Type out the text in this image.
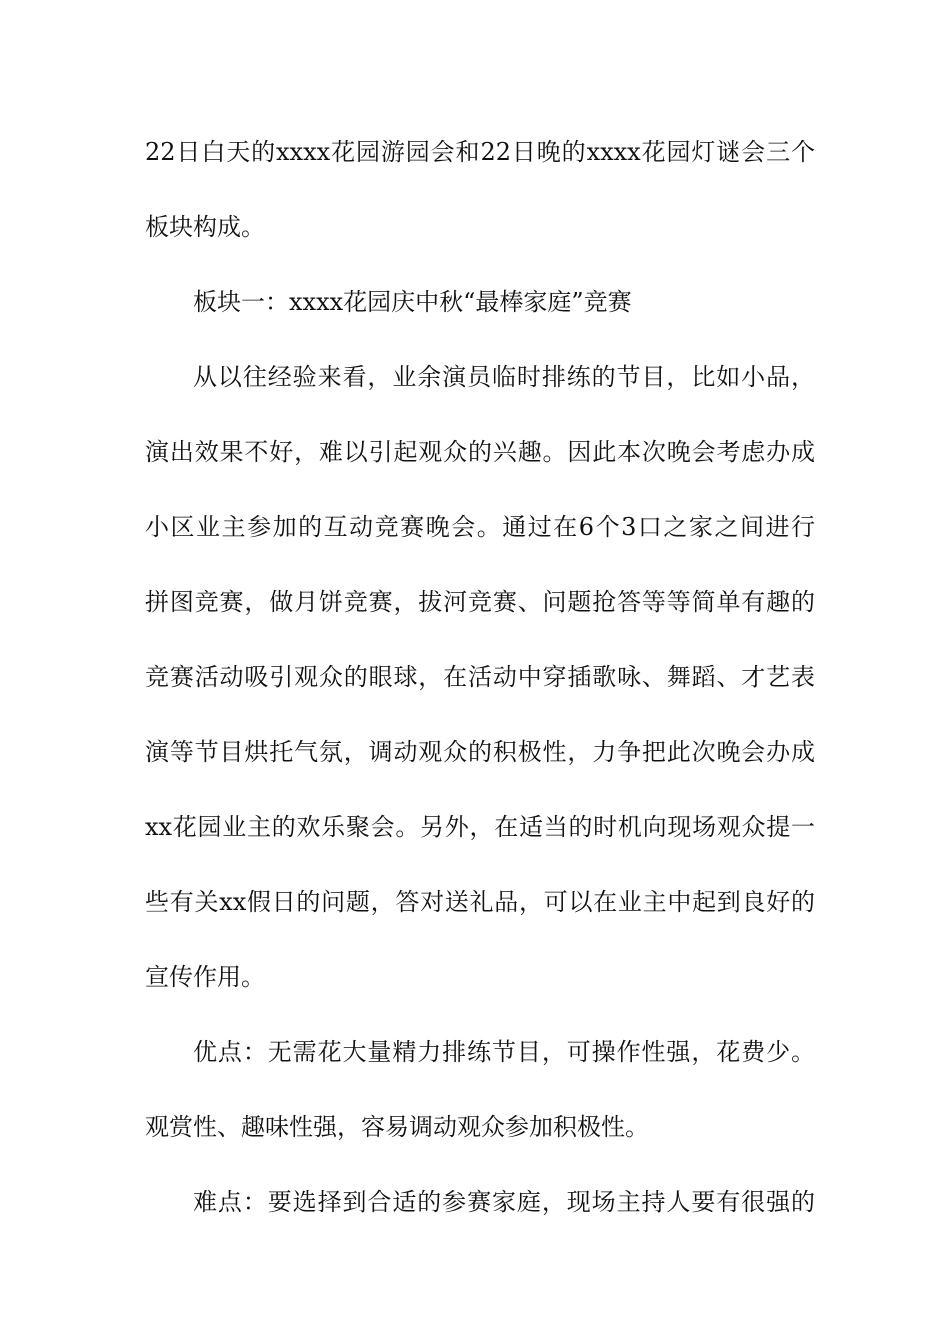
22日白天的xxxx花园游园会和22日晚的xxxx花园灯谜会三个
板块构成。
板块一：xxxx花园庆中秋“最棒家庭”竞赛
从以往经验来看，业余演员临时排练的节目，比如小品，
演出效果不好，难以引起观众的兴趣。因此本次晚会考虑办成
小区业主参加的互动竞赛晚会。通过在6个3口之家之间进行
拼图竞赛，做月饼竞赛，拔河竞赛、问题抢答等等简单有趣的
竞赛活动吸引观众的眼球，在活动中穿插歌咏、舞蹈、才艺表
演等节目烘托气氛，调动观众的积极性，力争把此次晚会办成
xx花园业主的欢乐聚会。另外，在适当的时机向现场观众提一
些有关xx假日的问题，答对送礼品，可以在业主中起到良好的
宣传作用。
优点：无需花大量精力排练节目，可操作性强，花费少。
观赏性、趣味性强，容易调动观众参加积极性。
难点：要选择到合适的参赛家庭，现场主持人要有很强的
